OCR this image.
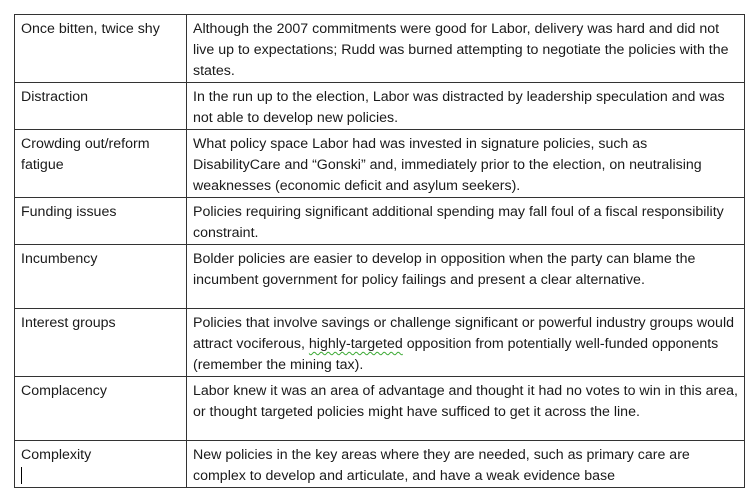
Once bitten, twice shy	Although the 2007 commitments were good for Labor, delivery was hard and did not live up to expectations; Rudd was burned attempting to negotiate the policies with the states.
Distraction	In the run up to the election, Labor was distracted by leadership speculation and was not able to develop new policies.
Crowding out/reform fatigue	What policy space Labor had was invested in signature policies, such as DisabilityCare and “Gonski” and, immediately prior to the election, on neutralising weaknesses (economic deficit and asylum seekers).
Funding issues	Policies requiring significant additional spending may fall foul of a fiscal responsibility constraint.
Incumbency	Bolder policies are easier to develop in opposition when the party can blame the incumbent government for policy failings and present a clear alternative.
Interest groups	Policies that involve savings or challenge significant or powerful industry groups would attract vociferous, highly-targeted opposition from potentially well-funded opponents (remember the mining tax).
Complacency	Labor knew it was an area of advantage and thought it had no votes to win in this area, or thought targeted policies might have sufficed to get it across the line.
Complexity	New policies in the key areas where they are needed, such as primary care are complex to develop and articulate, and have a weak evidence base
